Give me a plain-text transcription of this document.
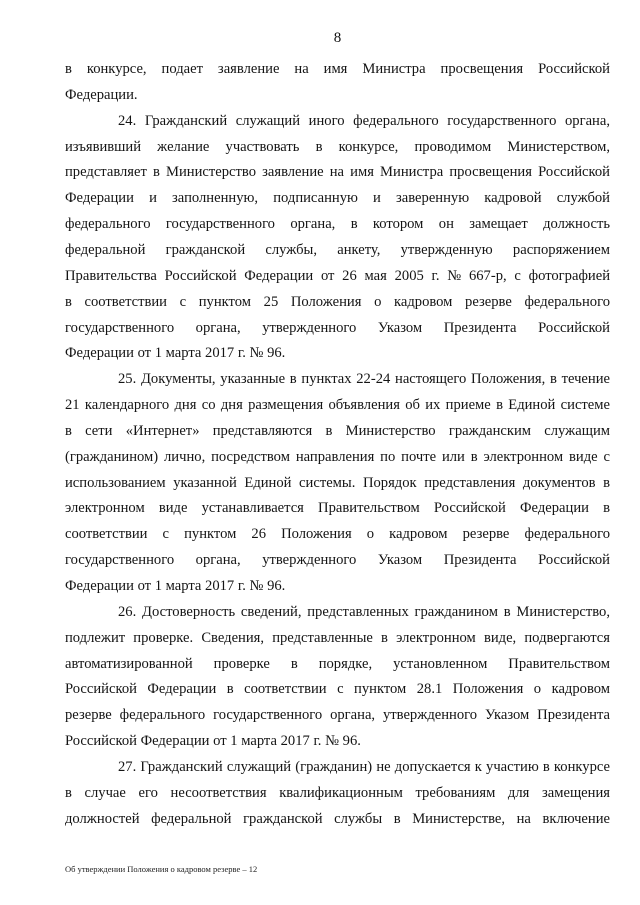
8
в конкурсе, подает заявление на имя Министра просвещения Российской
Федерации.
24. Гражданский служащий иного федерального государственного органа,
изъявивший желание участвовать в конкурсе, проводимом Министерством,
представляет в Министерство заявление на имя Министра просвещения Российской
Федерации и заполненную, подписанную и заверенную кадровой службой
федерального государственного органа, в котором он замещает должность
федеральной гражданской службы, анкету, утвержденную распоряжением
Правительства Российской Федерации от 26 мая 2005 г. № 667-р, с фотографией
в соответствии с пунктом 25 Положения о кадровом резерве федерального
государственного органа, утвержденного Указом Президента Российской
Федерации от 1 марта 2017 г. № 96.
25. Документы, указанные в пунктах 22-24 настоящего Положения, в течение
21 календарного дня со дня размещения объявления об их приеме в Единой системе
в сети «Интернет» представляются в Министерство гражданским служащим
(гражданином) лично, посредством направления по почте или в электронном виде с
использованием указанной Единой системы. Порядок представления документов в
электронном виде устанавливается Правительством Российской Федерации в
соответствии с пунктом 26 Положения о кадровом резерве федерального
государственного органа, утвержденного Указом Президента Российской
Федерации от 1 марта 2017 г. № 96.
26. Достоверность сведений, представленных гражданином в Министерство,
подлежит проверке. Сведения, представленные в электронном виде, подвергаются
автоматизированной проверке в порядке, установленном Правительством
Российской Федерации в соответствии с пунктом 28.1 Положения о кадровом
резерве федерального государственного органа, утвержденного Указом Президента
Российской Федерации от 1 марта 2017 г. № 96.
27. Гражданский служащий (гражданин) не допускается к участию в конкурсе
в случае его несоответствия квалификационным требованиям для замещения
должностей федеральной гражданской службы в Министерстве, на включение
Об утверждении Положения о кадровом резерве – 12
